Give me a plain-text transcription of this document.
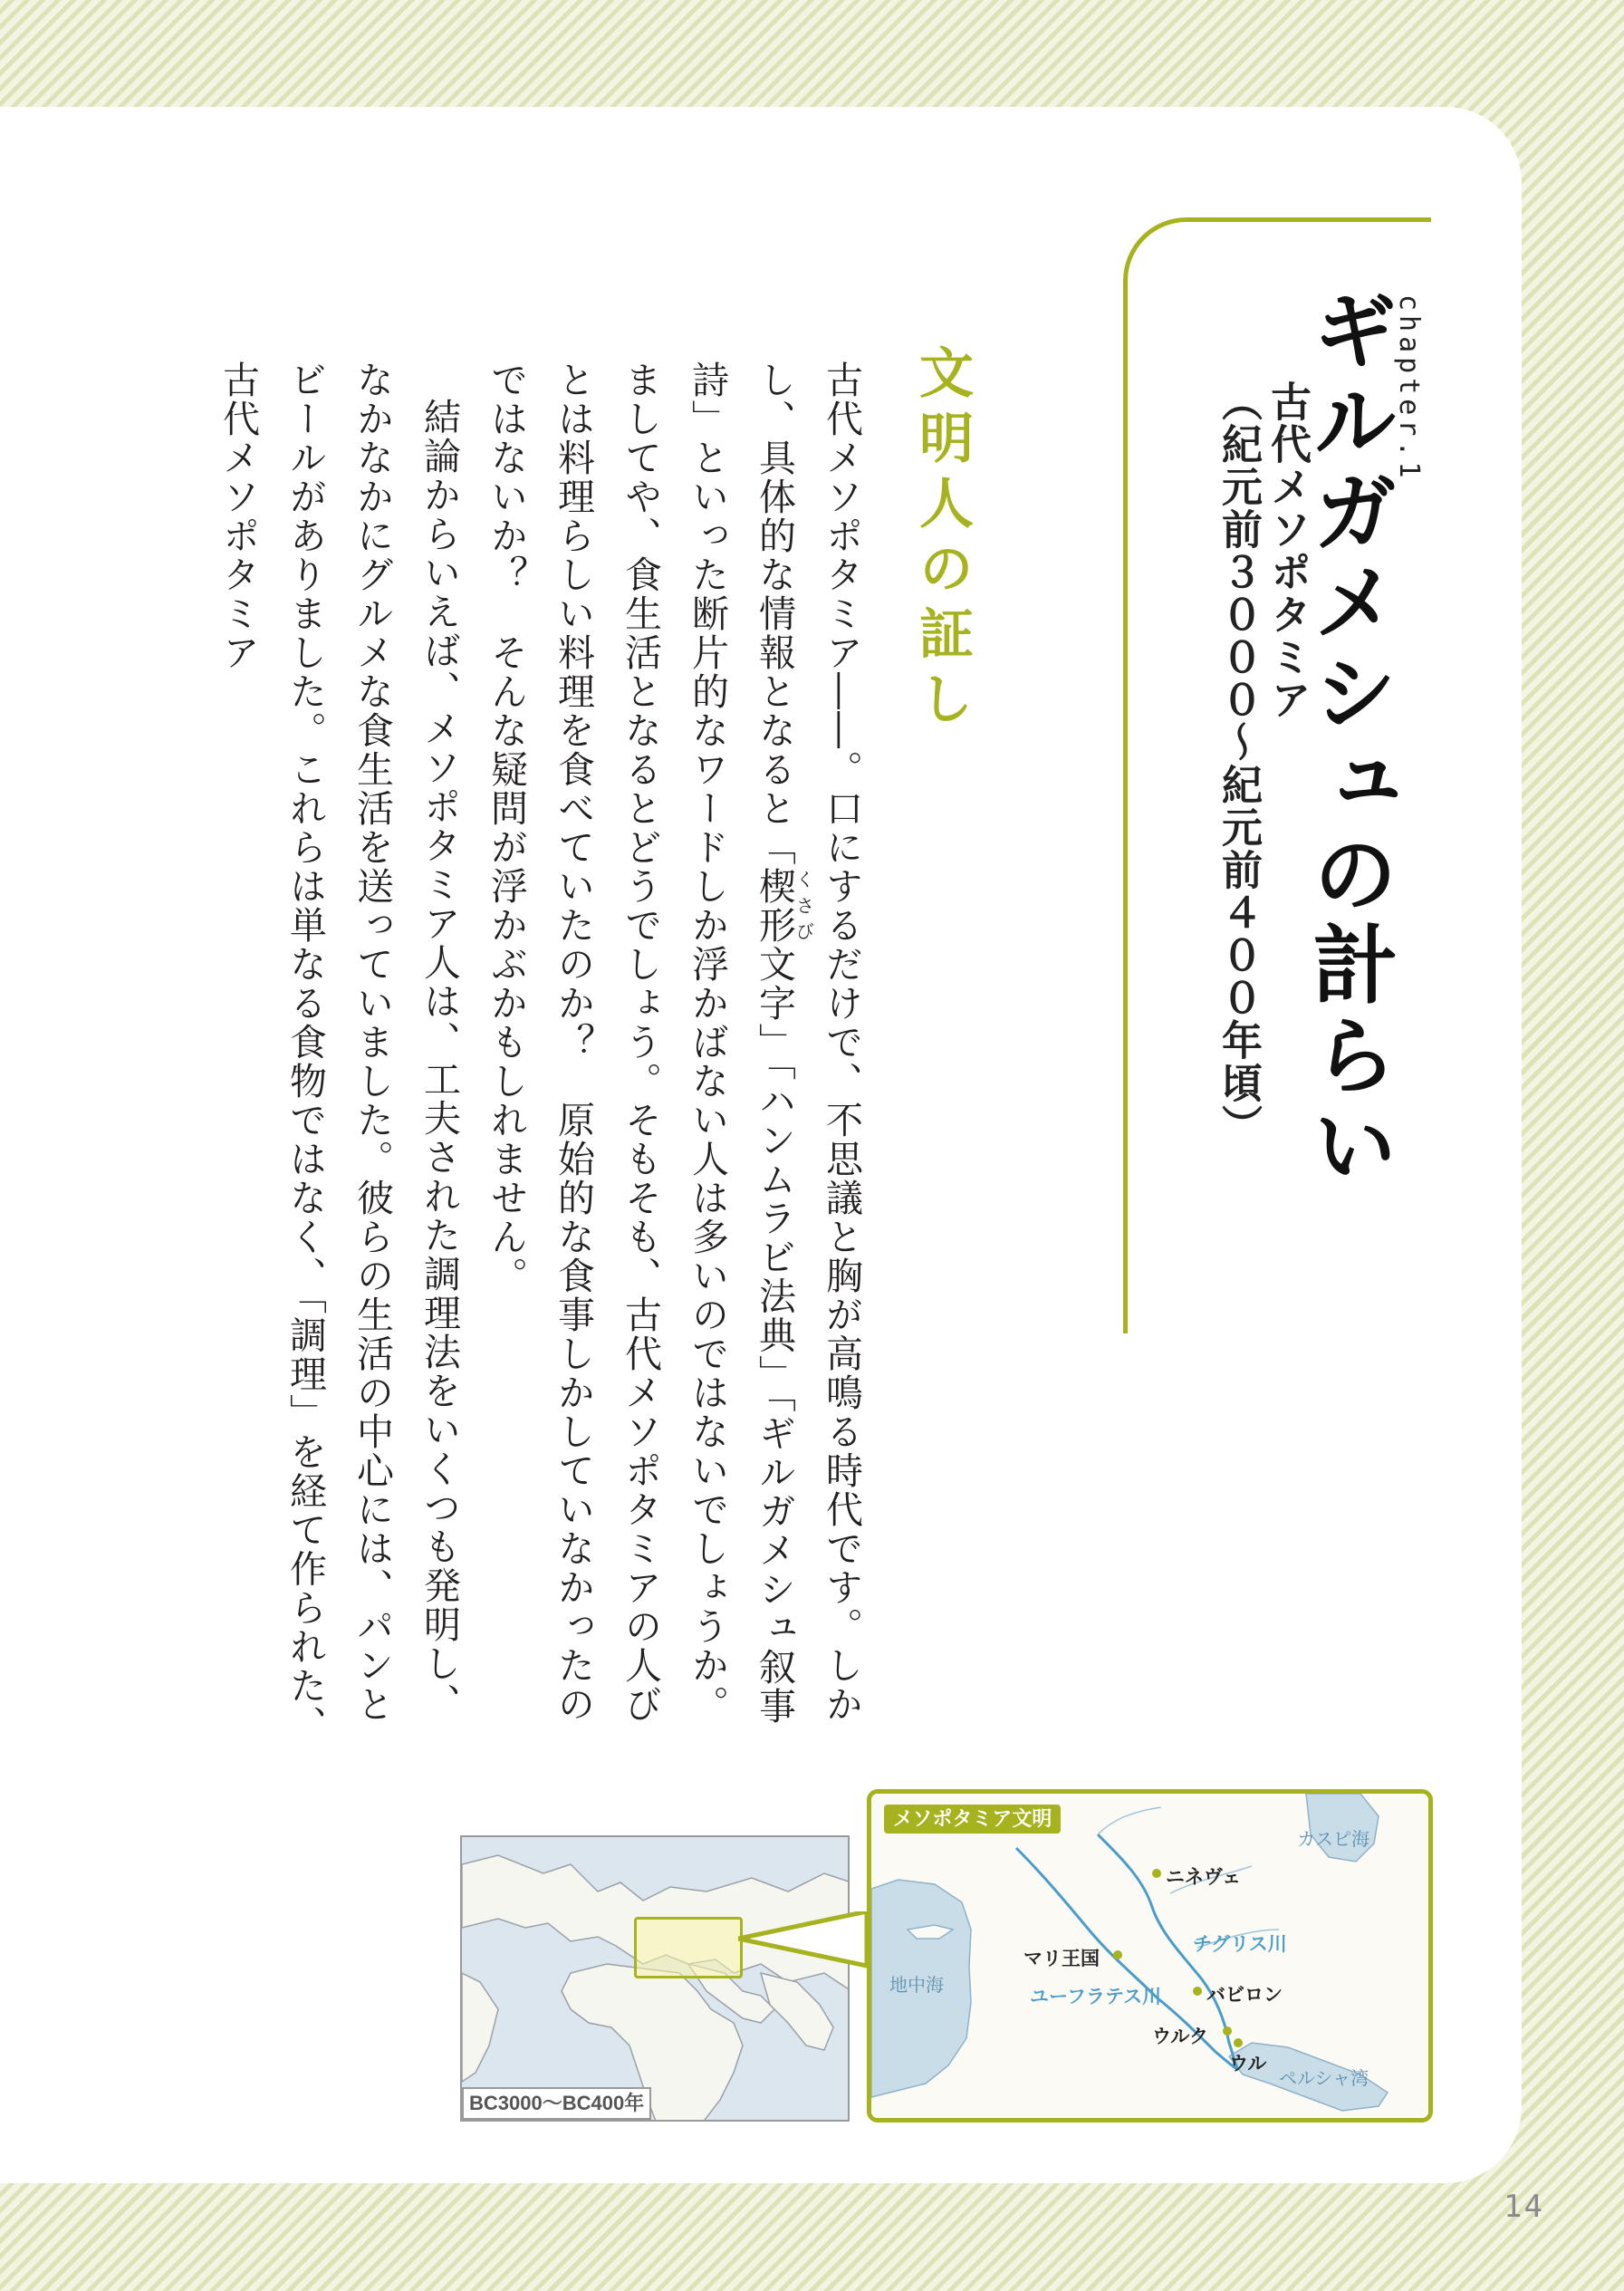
chapter.1
ギルガメシュの計らい
古代メソポタミア
（紀元前３０００～紀元前４００年頃）
文明人の証し

古代メソポタミア――。口にするだけで、不思議と胸が高鳴る時代です。しかし、具体的な情報となると「楔形くさび文字」「ハンムラビ法典」「ギルガメシュ叙事詩」といった断片的なワードしか浮かばない人は多いのではないでしょうか。ましてや、食生活となるとどうでしょう。そもそも、古代メソポタミアの人びとは料理らしい料理を食べていたのか？　原始的な食事しかしていなかったのではないか？　そんな疑問が浮かぶかもしれません。

結論からいえば、メソポタミア人は、工夫された調理法をいくつも発明し、なかなかにグルメな食生活を送っていました。彼らの生活の中心には、パンとビールがありました。これらは単なる食物ではなく、「調理」を経て作られた、古代メソポタミア

BC3000～BC400年
メソポタミア文明
カスピ海
地中海
ペルシャ湾
ニネヴェ
マリ王国
バビロン
ウルク
ウル
チグリス川
ユーフラテス川
14
